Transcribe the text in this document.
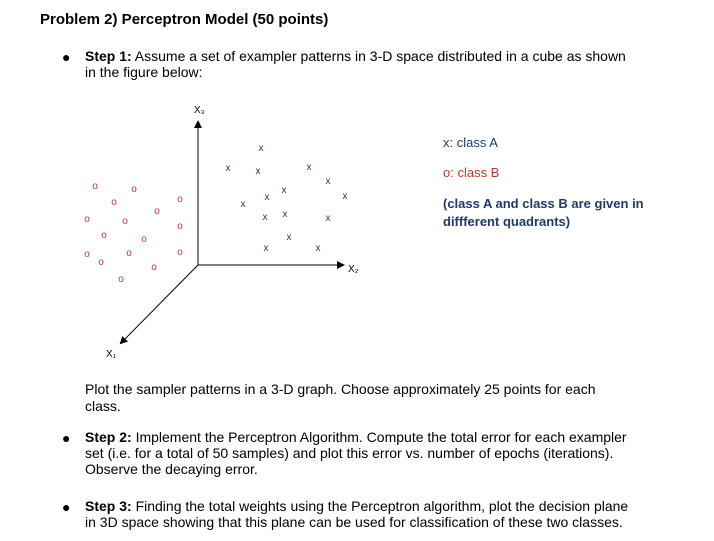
Problem 2) Perceptron Model (50 points)
● Step 1: Assume a set of exampler patterns in 3-D space distributed in a cube as shown
in the figure below:
X₃
X₂
X₁
x
x	x	x
x
x
x
x
x
x x	x
x
x	x
o	o
o	o
o
o	o	o
o	o
o	o	o
o
o
o
x: class A
o: class B
(class A and class B are given in
diffferent quadrants)
Plot the sampler patterns in a 3-D graph. Choose approximately 25 points for each
class.
● Step 2: Implement the Perceptron Algorithm. Compute the total error for each exampler
set (i.e. for a total of 50 samples) and plot this error vs. number of epochs (iterations).
Observe the decaying error.
● Step 3: Finding the total weights using the Perceptron algorithm, plot the decision plane
in 3D space showing that this plane can be used for classification of these two classes.
